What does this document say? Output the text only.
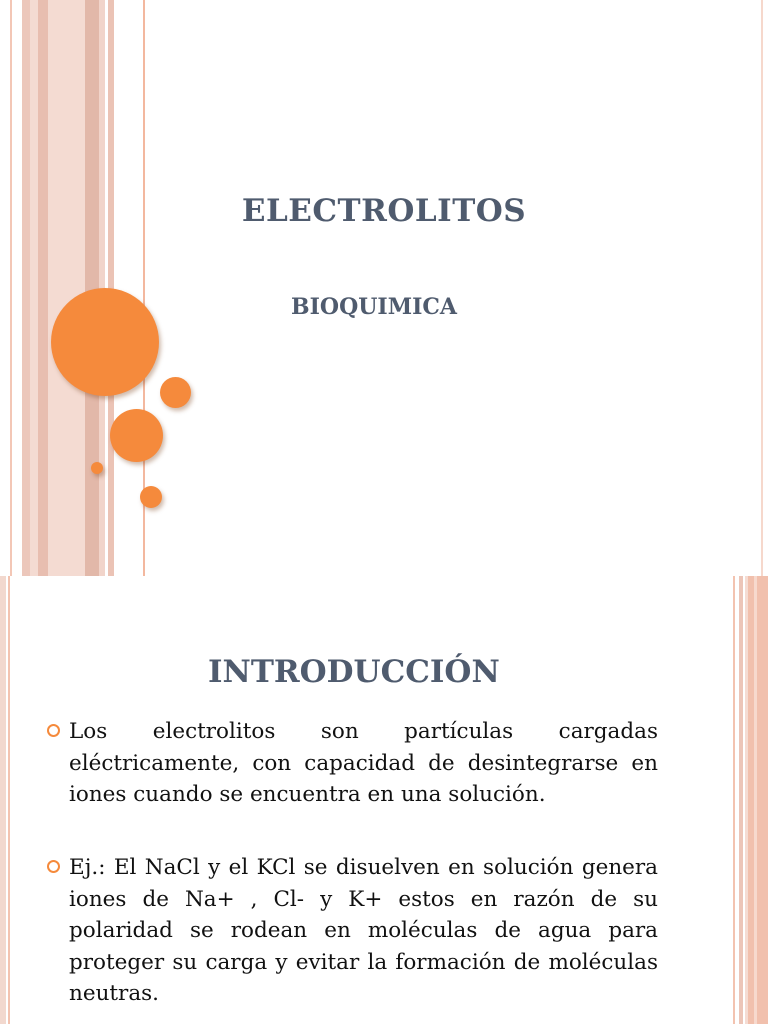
ELECTROLITOS
BIOQUIMICA
INTRODUCCIÓN
Los electrolitos son partículas cargadas eléctricamente, con capacidad de desintegrarse en iones cuando se encuentra en una solución.
Ej.: El NaCl y el KCl se disuelven en solución genera iones de Na+ , Cl- y K+ estos en razón de su polaridad se rodean en moléculas de agua para proteger su carga y evitar la formación de moléculas neutras.
